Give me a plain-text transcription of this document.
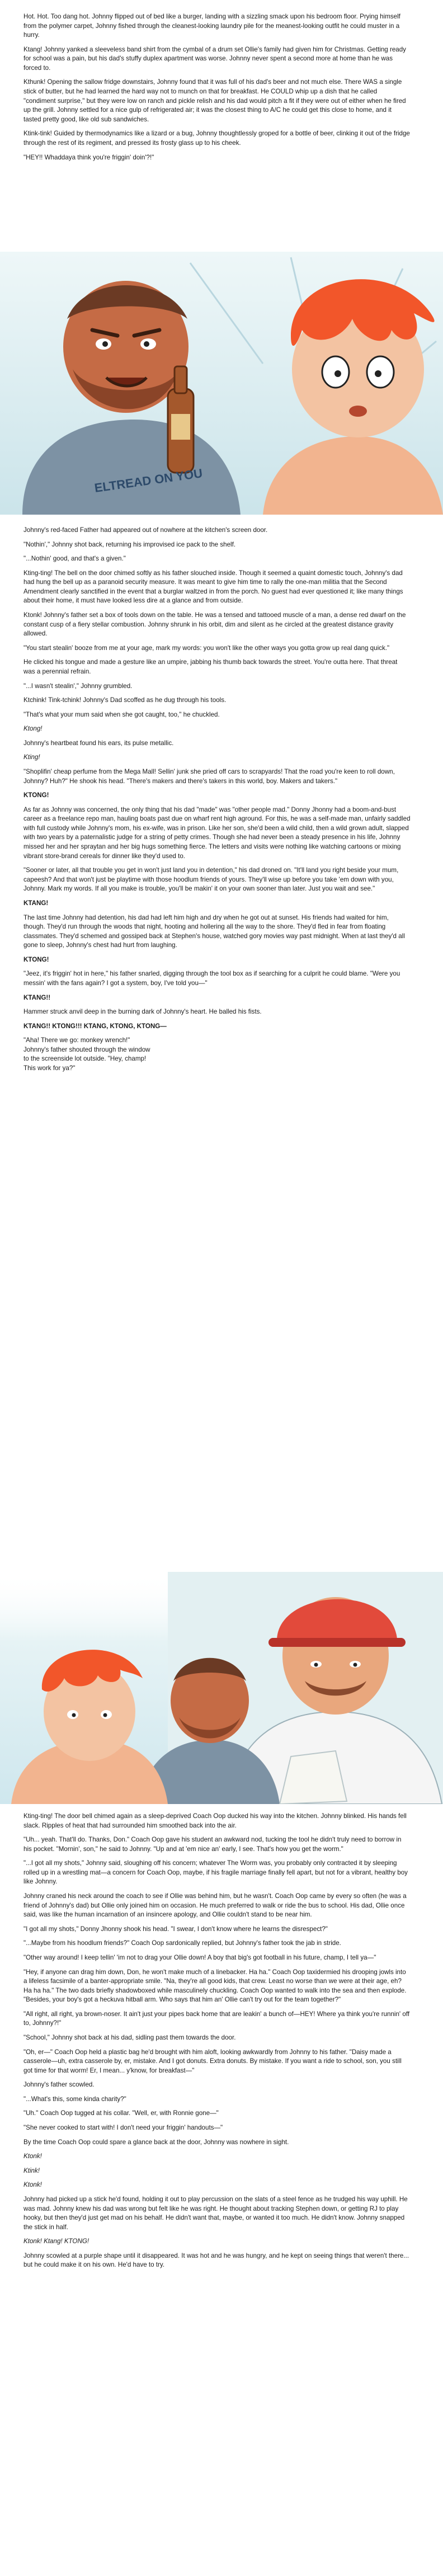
Hot. Hot. Too dang hot. Johnny flipped out of bed like a burger, landing with a sizzling smack upon his bedroom floor. Prying himself from the polymer carpet, Johnny fished through the cleanest-looking laundry pile for the meanest-looking outfit he could muster in a hurry.

Ktang! Johnny yanked a sleeveless band shirt from the cymbal of a drum set Ollie's family had given him for Christmas. Getting ready for school was a pain, but his dad's stuffy duplex apartment was worse. Johnny never spent a second more at home than he was forced to.

Kthunk! Opening the sallow fridge downstairs, Johnny found that it was full of his dad's beer and not much else. There WAS a single stick of butter, but he had learned the hard way not to munch on that for breakfast. He COULD whip up a dish that he called "condiment surprise," but they were low on ranch and pickle relish and his dad would pitch a fit if they were out of either when he fired up the grill. Johnny settled for a nice gulp of refrigerated air; it was the closest thing to A/C he could get this close to home, and it tasted pretty good, like old sub sandwiches.

Ktink-tink! Guided by thermodynamics like a lizard or a bug, Johnny thoughtlessly groped for a bottle of beer, clinking it out of the fridge through the rest of its regiment, and pressed its frosty glass up to his cheek.

"HEY!! Whaddaya think you're friggin' doin'?!"

ELTREAD ON YOU

Johnny's red-faced Father had appeared out of nowhere at the kitchen's screen door.

"Nothin'," Johnny shot back, returning his improvised ice pack to the shelf.

"...Nothin' good, and that's a given."

Kting-ting! The bell on the door chimed softly as his father slouched inside. Though it seemed a quaint domestic touch, Johnny's dad had hung the bell up as a paranoid security measure. It was meant to give him time to rally the one-man militia that the Second Amendment clearly sanctified in the event that a burglar waltzed in from the porch. No guest had ever questioned it; like many things about their home, it must have looked less dire at a glance and from outside.

Ktonk! Johnny's father set a box of tools down on the table. He was a tensed and tattooed muscle of a man, a dense red dwarf on the constant cusp of a fiery stellar combustion. Johnny shrunk in his orbit, dim and silent as he circled at the greatest distance gravity allowed.

"You start stealin' booze from me at your age, mark my words: you won't like the other ways you gotta grow up real dang quick."

He clicked his tongue and made a gesture like an umpire, jabbing his thumb back towards the street. You're outta here. That threat was a perennial refrain.

"...I wasn't stealin'," Johnny grumbled.

Ktchink! Tink-tchink! Johnny's Dad scoffed as he dug through his tools.

"That's what your mum said when she got caught, too," he chuckled.

Ktong!

Johnny's heartbeat found his ears, its pulse metallic.

Kting!

"Shoplifin' cheap perfume from the Mega Mall! Sellin' junk she pried off cars to scrapyards! That the road you're keen to roll down, Johnny? Huh?" He shook his head. "There's makers and there's takers in this world, boy. Makers and takers."

KTONG!

As far as Johnny was concerned, the only thing that his dad "made" was "other people mad." Donny Jhonny had a boom-and-bust career as a freelance repo man, hauling boats past due on wharf rent high aground. For this, he was a self-made man, unfairly saddled with full custody while Johnny's mom, his ex-wife, was in prison. Like her son, she'd been a wild child, then a wild grown adult, slapped with two years by a paternalistic judge for a string of petty crimes. Though she had never been a steady presence in his life, Johnny missed her and her spraytan and her big hugs something fierce. The letters and visits were nothing like watching cartoons or mixing vibrant store-brand cereals for dinner like they'd used to.

"Sooner or later, all that trouble you get in won't just land you in detention," his dad droned on. "It'll land you right beside your mum, capeesh? And that won't just be playtime with those hoodlum friends of yours. They'll wise up before you take 'em down with you, Johnny. Mark my words. If all you make is trouble, you'll be makin' it on your own sooner than later. Just you wait and see."

KTANG!

The last time Johnny had detention, his dad had left him high and dry when he got out at sunset. His friends had waited for him, though. They'd run through the woods that night, hooting and hollering all the way to the shore. They'd fled in fear from floating classmates. They'd schemed and gossiped back at Stephen's house, watched gory movies way past midnight. When at last they'd all gone to sleep, Johnny's chest had hurt from laughing.

KTONG!

"Jeez, it's friggin' hot in here," his father snarled, digging through the tool box as if searching for a culprit he could blame. "Were you messin' with the fans again? I got a system, boy, I've told you—"

KTANG!!

Hammer struck anvil deep in the burning dark of Johnny's heart. He balled his fists.

KTANG!! KTONG!!! KTANG, KTONG, KTONG—

"Aha! There we go: monkey wrench!" Johnny's father shouted through the window to the screenside lot outside. "Hey, champ! This work for ya?"

Kting-ting! The door bell chimed again as a sleep-deprived Coach Oop ducked his way into the kitchen. Johnny blinked. His hands fell slack. Ripples of heat that had surrounded him smoothed back into the air.

"Uh... yeah. That'll do. Thanks, Don." Coach Oop gave his student an awkward nod, tucking the tool he didn't truly need to borrow in his pocket. "Mornin', son," he said to Johnny. "Up and at 'em nice an' early, I see. That's how you get the worm."

"...I got all my shots," Johnny said, sloughing off his concern; whatever The Worm was, you probably only contracted it by sleeping rolled up in a wrestling mat—a concern for Coach Oop, maybe, if his fragile marriage finally fell apart, but not for a vibrant, healthy boy like Johnny.

Johnny craned his neck around the coach to see if Ollie was behind him, but he wasn't. Coach Oop came by every so often (he was a friend of Johnny's dad) but Ollie only joined him on occasion. He much preferred to walk or ride the bus to school. His dad, Ollie once said, was like the human incarnation of an insincere apology, and Ollie couldn't stand to be near him.

"I got all my shots," Donny Jhonny shook his head. "I swear, I don't know where he learns the disrespect?"

"...Maybe from his hoodlum friends?" Coach Oop sardonically replied, but Johnny's father took the jab in stride.

"Other way around! I keep tellin' 'im not to drag your Ollie down! A boy that big's got football in his future, champ, I tell ya—"

"Hey, if anyone can drag him down, Don, he won't make much of a linebacker. Ha ha." Coach Oop taxidermied his drooping jowls into a lifeless facsimile of a banter-appropriate smile. "Na, they're all good kids, that crew. Least no worse than we were at their age, eh? Ha ha ha." The two dads briefly shadowboxed while masculinely chuckling. Coach Oop wanted to walk into the sea and then explode. "Besides, your boy's got a heckuva hitball arm. Who says that him an' Ollie can't try out for the team together?"

"All right, all right, ya brown-noser. It ain't just your pipes back home that are leakin' a bunch of—HEY! Where ya think you're runnin' off to, Johnny?!"

"School," Johnny shot back at his dad, sidling past them towards the door.

"Oh, er—" Coach Oop held a plastic bag he'd brought with him aloft, looking awkwardly from Johnny to his father. "Daisy made a casserole—uh, extra casserole by, er, mistake. And I got donuts. Extra donuts. By mistake. If you want a ride to school, son, you still got time for that worm! Er, I mean... y'know, for breakfast—"

Johnny's father scowled.

"...What's this, some kinda charity?"

"Uh." Coach Oop tugged at his collar. "Well, er, with Ronnie gone—"

"She never cooked to start with! I don't need your friggin' handouts—"

By the time Coach Oop could spare a glance back at the door, Johnny was nowhere in sight.

Ktonk!

Ktink!

Ktonk!

Johnny had picked up a stick he'd found, holding it out to play percussion on the slats of a steel fence as he trudged his way uphill. He was mad. Johnny knew his dad was wrong but felt like he was right. He thought about tracking Stephen down, or getting RJ to play hooky, but then they'd just get mad on his behalf. He didn't want that, maybe, or wanted it too much. He didn't know. Johnny snapped the stick in half.

Ktonk! Ktang! KTONG!

Johnny scowled at a purple shape until it disappeared. It was hot and he was hungry, and he kept on seeing things that weren't there... but he could make it on his own. He'd have to try.
